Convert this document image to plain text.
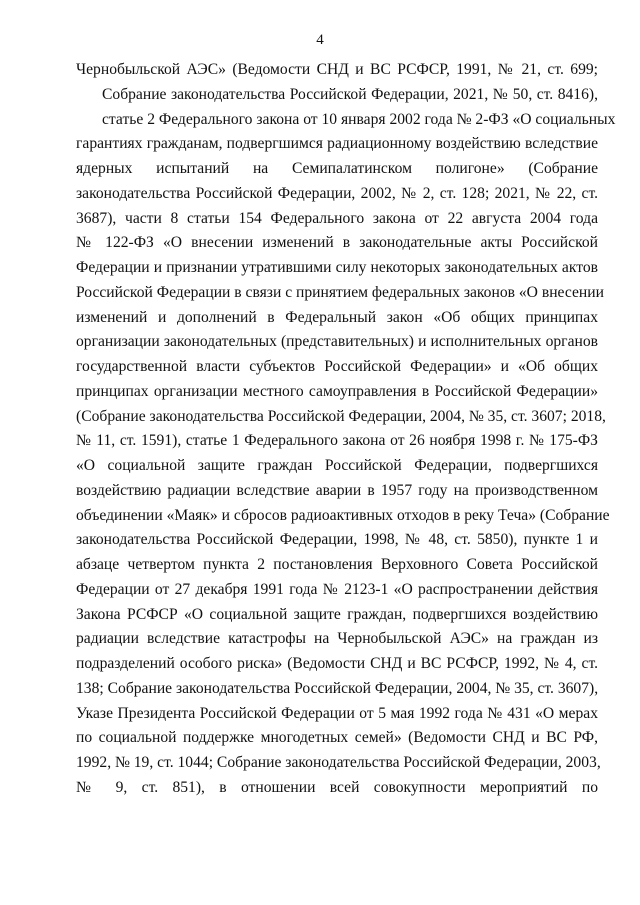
4
Чернобыльской АЭС» (Ведомости СНД и ВС РСФСР, 1991, № 21, ст. 699;
Собрание законодательства Российской Федерации, 2021, № 50, ст. 8416),
статье 2 Федерального закона от 10 января 2002 года № 2-ФЗ «О социальных
гарантиях гражданам, подвергшимся радиационному воздействию вследствие
ядерных испытаний на Семипалатинском полигоне» (Собрание
законодательства Российской Федерации, 2002, № 2, ст. 128; 2021, № 22, ст.
3687), части 8 статьи 154 Федерального закона от 22 августа 2004 года
№ 122-ФЗ «О внесении изменений в законодательные акты Российской
Федерации и признании утратившими силу некоторых законодательных актов
Российской Федерации в связи с принятием федеральных законов «О внесении
изменений и дополнений в Федеральный закон «Об общих принципах
организации законодательных (представительных) и исполнительных органов
государственной власти субъектов Российской Федерации» и «Об общих
принципах организации местного самоуправления в Российской Федерации»
(Собрание законодательства Российской Федерации, 2004, № 35, ст. 3607; 2018,
№ 11, ст. 1591), статье 1 Федерального закона от 26 ноября 1998 г. № 175-ФЗ
«О социальной защите граждан Российской Федерации, подвергшихся
воздействию радиации вследствие аварии в 1957 году на производственном
объединении «Маяк» и сбросов радиоактивных отходов в реку Теча» (Собрание
законодательства Российской Федерации, 1998, № 48, ст. 5850), пункте 1 и
абзаце четвертом пункта 2 постановления Верховного Совета Российской
Федерации от 27 декабря 1991 года № 2123-1 «О распространении действия
Закона РСФСР «О социальной защите граждан, подвергшихся воздействию
радиации вследствие катастрофы на Чернобыльской АЭС» на граждан из
подразделений особого риска» (Ведомости СНД и ВС РСФСР, 1992, № 4, ст.
138; Собрание законодательства Российской Федерации, 2004, № 35, ст. 3607),
Указе Президента Российской Федерации от 5 мая 1992 года № 431 «О мерах
по социальной поддержке многодетных семей» (Ведомости СНД и ВС РФ,
1992, № 19, ст. 1044; Собрание законодательства Российской Федерации, 2003,
№ 9, ст. 851), в отношении всей совокупности мероприятий по
